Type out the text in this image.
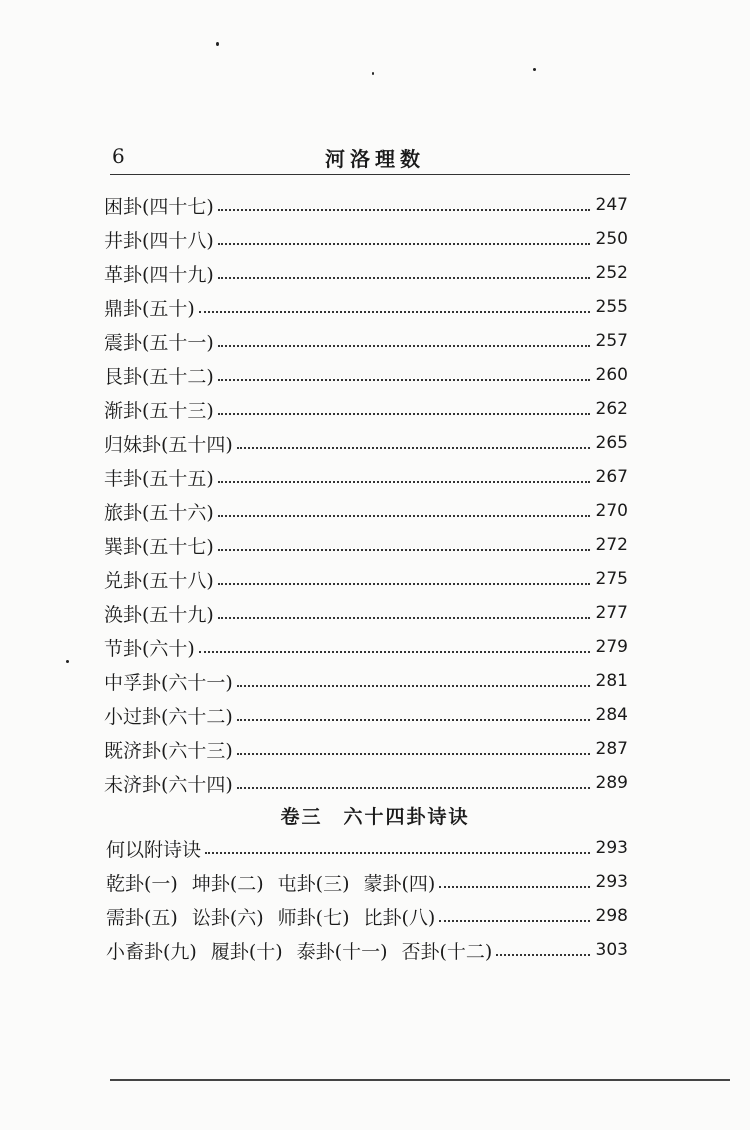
6	河洛理数
困卦(四十七)	247
井卦(四十八)	250
革卦(四十九)	252
鼎卦(五十)	255
震卦(五十一)	257
艮卦(五十二)	260
渐卦(五十三)	262
归妹卦(五十四)	265
丰卦(五十五)	267
旅卦(五十六)	270
巽卦(五十七)	272
兑卦(五十八)	275
涣卦(五十九)	277
节卦(六十)	279
中孚卦(六十一)	281
小过卦(六十二)	284
既济卦(六十三)	287
未济卦(六十四)	289
卷三　六十四卦诗诀
何以附诗诀	293
乾卦(一) 坤卦(二) 屯卦(三) 蒙卦(四)	293
需卦(五) 讼卦(六) 师卦(七) 比卦(八)	298
小畜卦(九) 履卦(十) 泰卦(十一) 否卦(十二)	303
